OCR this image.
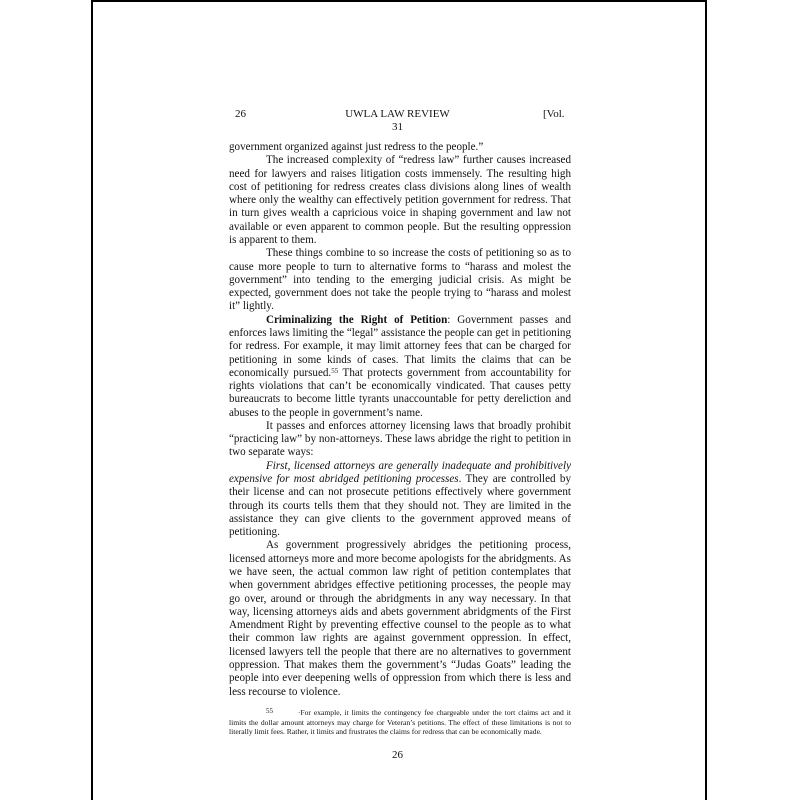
26	UWLA LAW REVIEW	[Vol.
31

government organized against just redress to the people.”

The increased complexity of “redress law” further causes increased need for lawyers and raises litigation costs immensely. The resulting high cost of petitioning for redress creates class divisions along lines of wealth where only the wealthy can effectively petition government for redress. That in turn gives wealth a capricious voice in shaping government and law not available or even apparent to common people. But the resulting oppression is apparent to them.

These things combine to so increase the costs of petitioning so as to cause more people to turn to alternative forms to “harass and molest the government” into tending to the emerging judicial crisis. As might be expected, government does not take the people trying to “harass and molest it” lightly.

Criminalizing the Right of Petition: Government passes and enforces laws limiting the “legal” assistance the people can get in petitioning for redress. For example, it may limit attorney fees that can be charged for petitioning in some kinds of cases. That limits the claims that can be economically pursued.$^{55}$ That protects government from accountability for rights violations that can’t be economically vindicated. That causes petty bureaucrats to become little tyrants unaccountable for petty dereliction and abuses to the people in government’s name.

It passes and enforces attorney licensing laws that broadly prohibit “practicing law” by non-attorneys. These laws abridge the right to petition in two separate ways:

First, licensed attorneys are generally inadequate and prohibitively expensive for most abridged petitioning processes. They are controlled by their license and can not prosecute petitions effectively where government through its courts tells them that they should not. They are limited in the assistance they can give clients to the government approved means of petitioning.

As government progressively abridges the petitioning process, licensed attorneys more and more become apologists for the abridgments. As we have seen, the actual common law right of petition contemplates that when government abridges effective petitioning processes, the people may go over, around or through the abridgments in any way necessary. In that way, licensing attorneys aids and abets government abridgments of the First Amendment Right by preventing effective counsel to the people as to what their common law rights are against government oppression. In effect, licensed lawyers tell the people that there are no alternatives to government oppression. That makes them the government’s “Judas Goats” leading the people into ever deepening wells of oppression from which there is less and less recourse to violence.

55	·For example, it limits the contingency fee chargeable under the tort claims act and it limits the dollar amount attorneys may charge for Veteran’s petitions. The effect of these limitations is not to literally limit fees. Rather, it limits and frustrates the claims for redress that can be economically made.
26
